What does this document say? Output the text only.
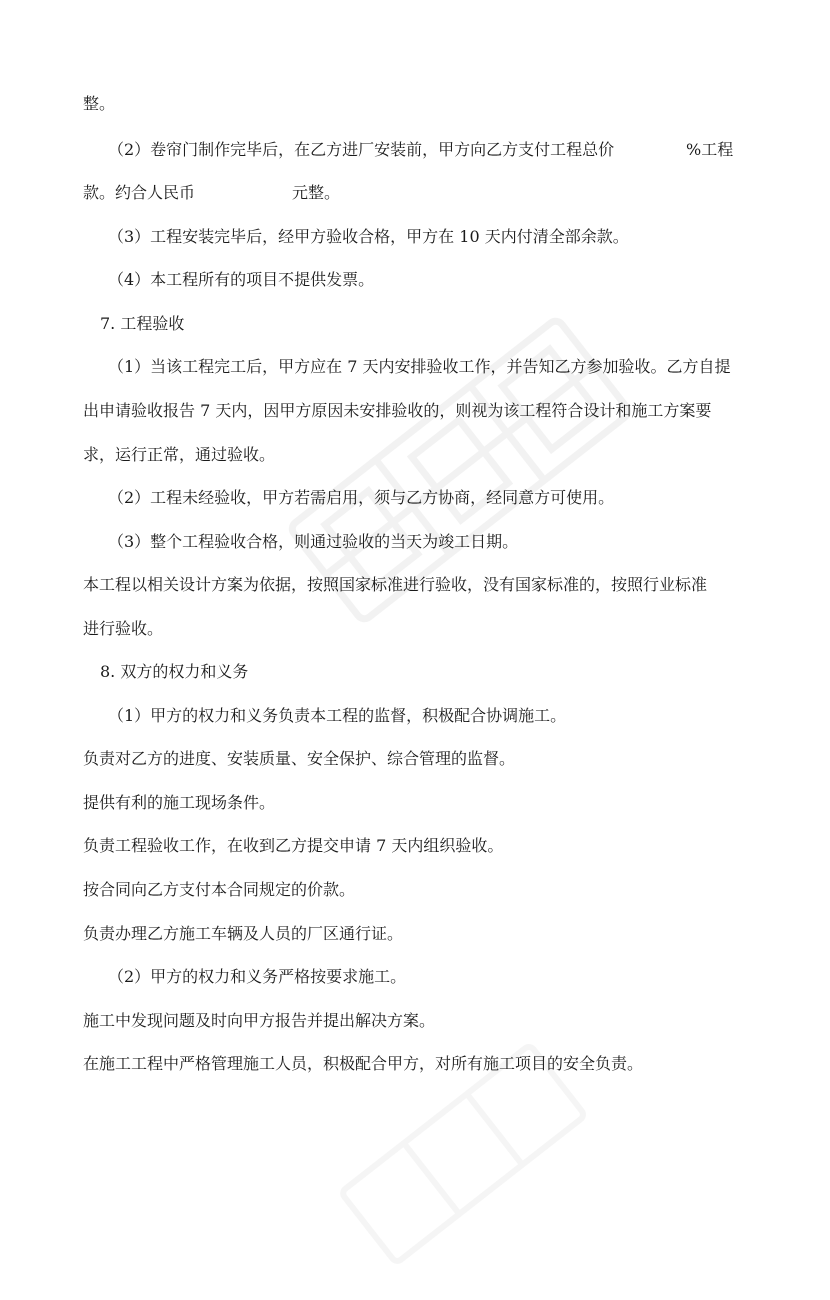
整。
（2）卷帘门制作完毕后，在乙方进厂安装前，甲方向乙方支付工程总价	%工程
款。约合人民币	元整。
（3）工程安装完毕后，经甲方验收合格，甲方在 10 天内付清全部余款。
（4）本工程所有的项目不提供发票。
7. 工程验收
（1）当该工程完工后，甲方应在 7 天内安排验收工作，并告知乙方参加验收。乙方自提
出申请验收报告 7 天内，因甲方原因未安排验收的，则视为该工程符合设计和施工方案要
求，运行正常，通过验收。
（2）工程未经验收，甲方若需启用，须与乙方协商，经同意方可使用。
（3）整个工程验收合格，则通过验收的当天为竣工日期。
本工程以相关设计方案为依据，按照国家标准进行验收，没有国家标准的，按照行业标准
进行验收。
8. 双方的权力和义务
（1）甲方的权力和义务负责本工程的监督，积极配合协调施工。
负责对乙方的进度、安装质量、安全保护、综合管理的监督。
提供有利的施工现场条件。
负责工程验收工作，在收到乙方提交申请 7 天内组织验收。
按合同向乙方支付本合同规定的价款。
负责办理乙方施工车辆及人员的厂区通行证。
（2）甲方的权力和义务严格按要求施工。
施工中发现问题及时向甲方报告并提出解决方案。
在施工工程中严格管理施工人员，积极配合甲方，对所有施工项目的安全负责。
